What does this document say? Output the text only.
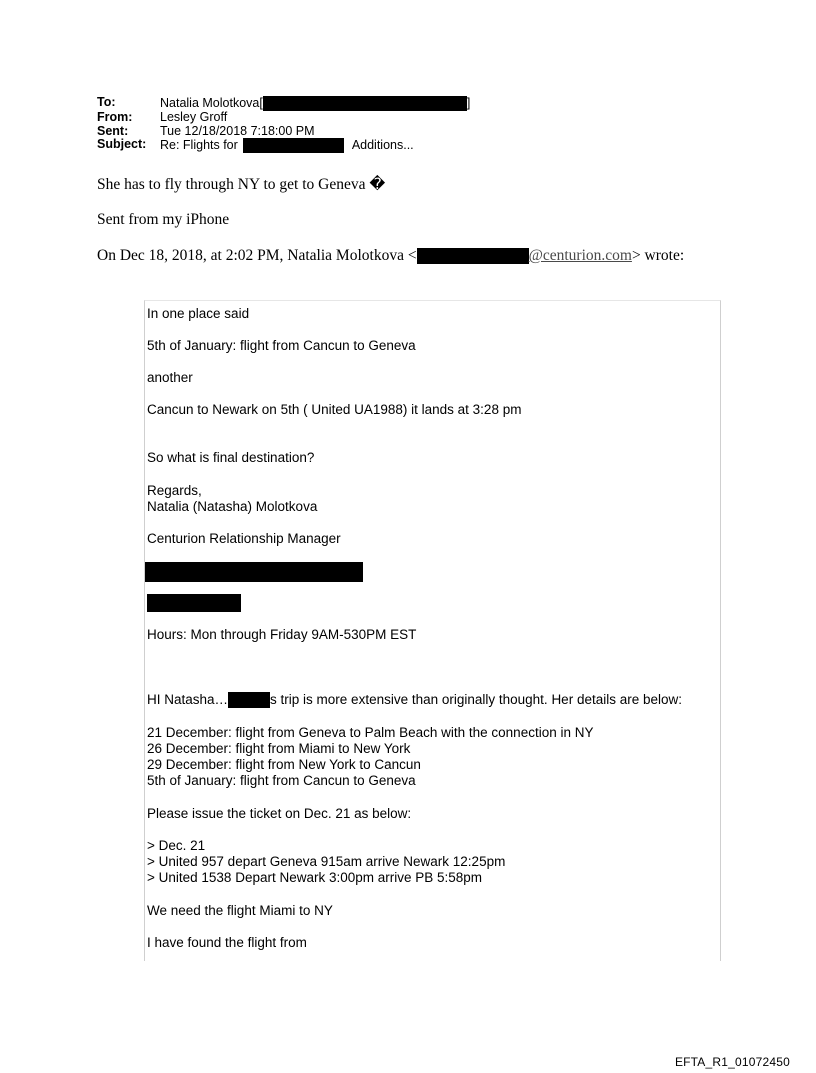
To:	Natalia Molotkova[	]
From:	Lesley Groff
Sent:	Tue 12/18/2018 7:18:00 PM
Subject:	Re: Flights for	Additions...
She has to fly through NY to get to Geneva �
Sent from my iPhone
On Dec 18, 2018, at 2:02 PM, Natalia Molotkova <	@centurion.com > wrote:
In one place said
5th of January: flight from Cancun to Geneva
another
Cancun to Newark on 5th ( United UA1988) it lands at 3:28 pm
So what is final destination?
Regards,
Natalia (Natasha) Molotkova
Centurion Relationship Manager
Hours: Mon through Friday 9AM-530PM EST
HI Natasha…	s trip is more extensive than originally thought. Her details are below:
21 December: flight from Geneva to Palm Beach with the connection in NY
26 December: flight from Miami to New York
29 December: flight from New York to Cancun
5th of January: flight from Cancun to Geneva
Please issue the ticket on Dec. 21 as below:
> Dec. 21
> United 957 depart Geneva 915am arrive Newark 12:25pm
> United 1538 Depart Newark 3:00pm arrive PB 5:58pm
We need the flight Miami to NY
I have found the flight from
EFTA_R1_01072450
